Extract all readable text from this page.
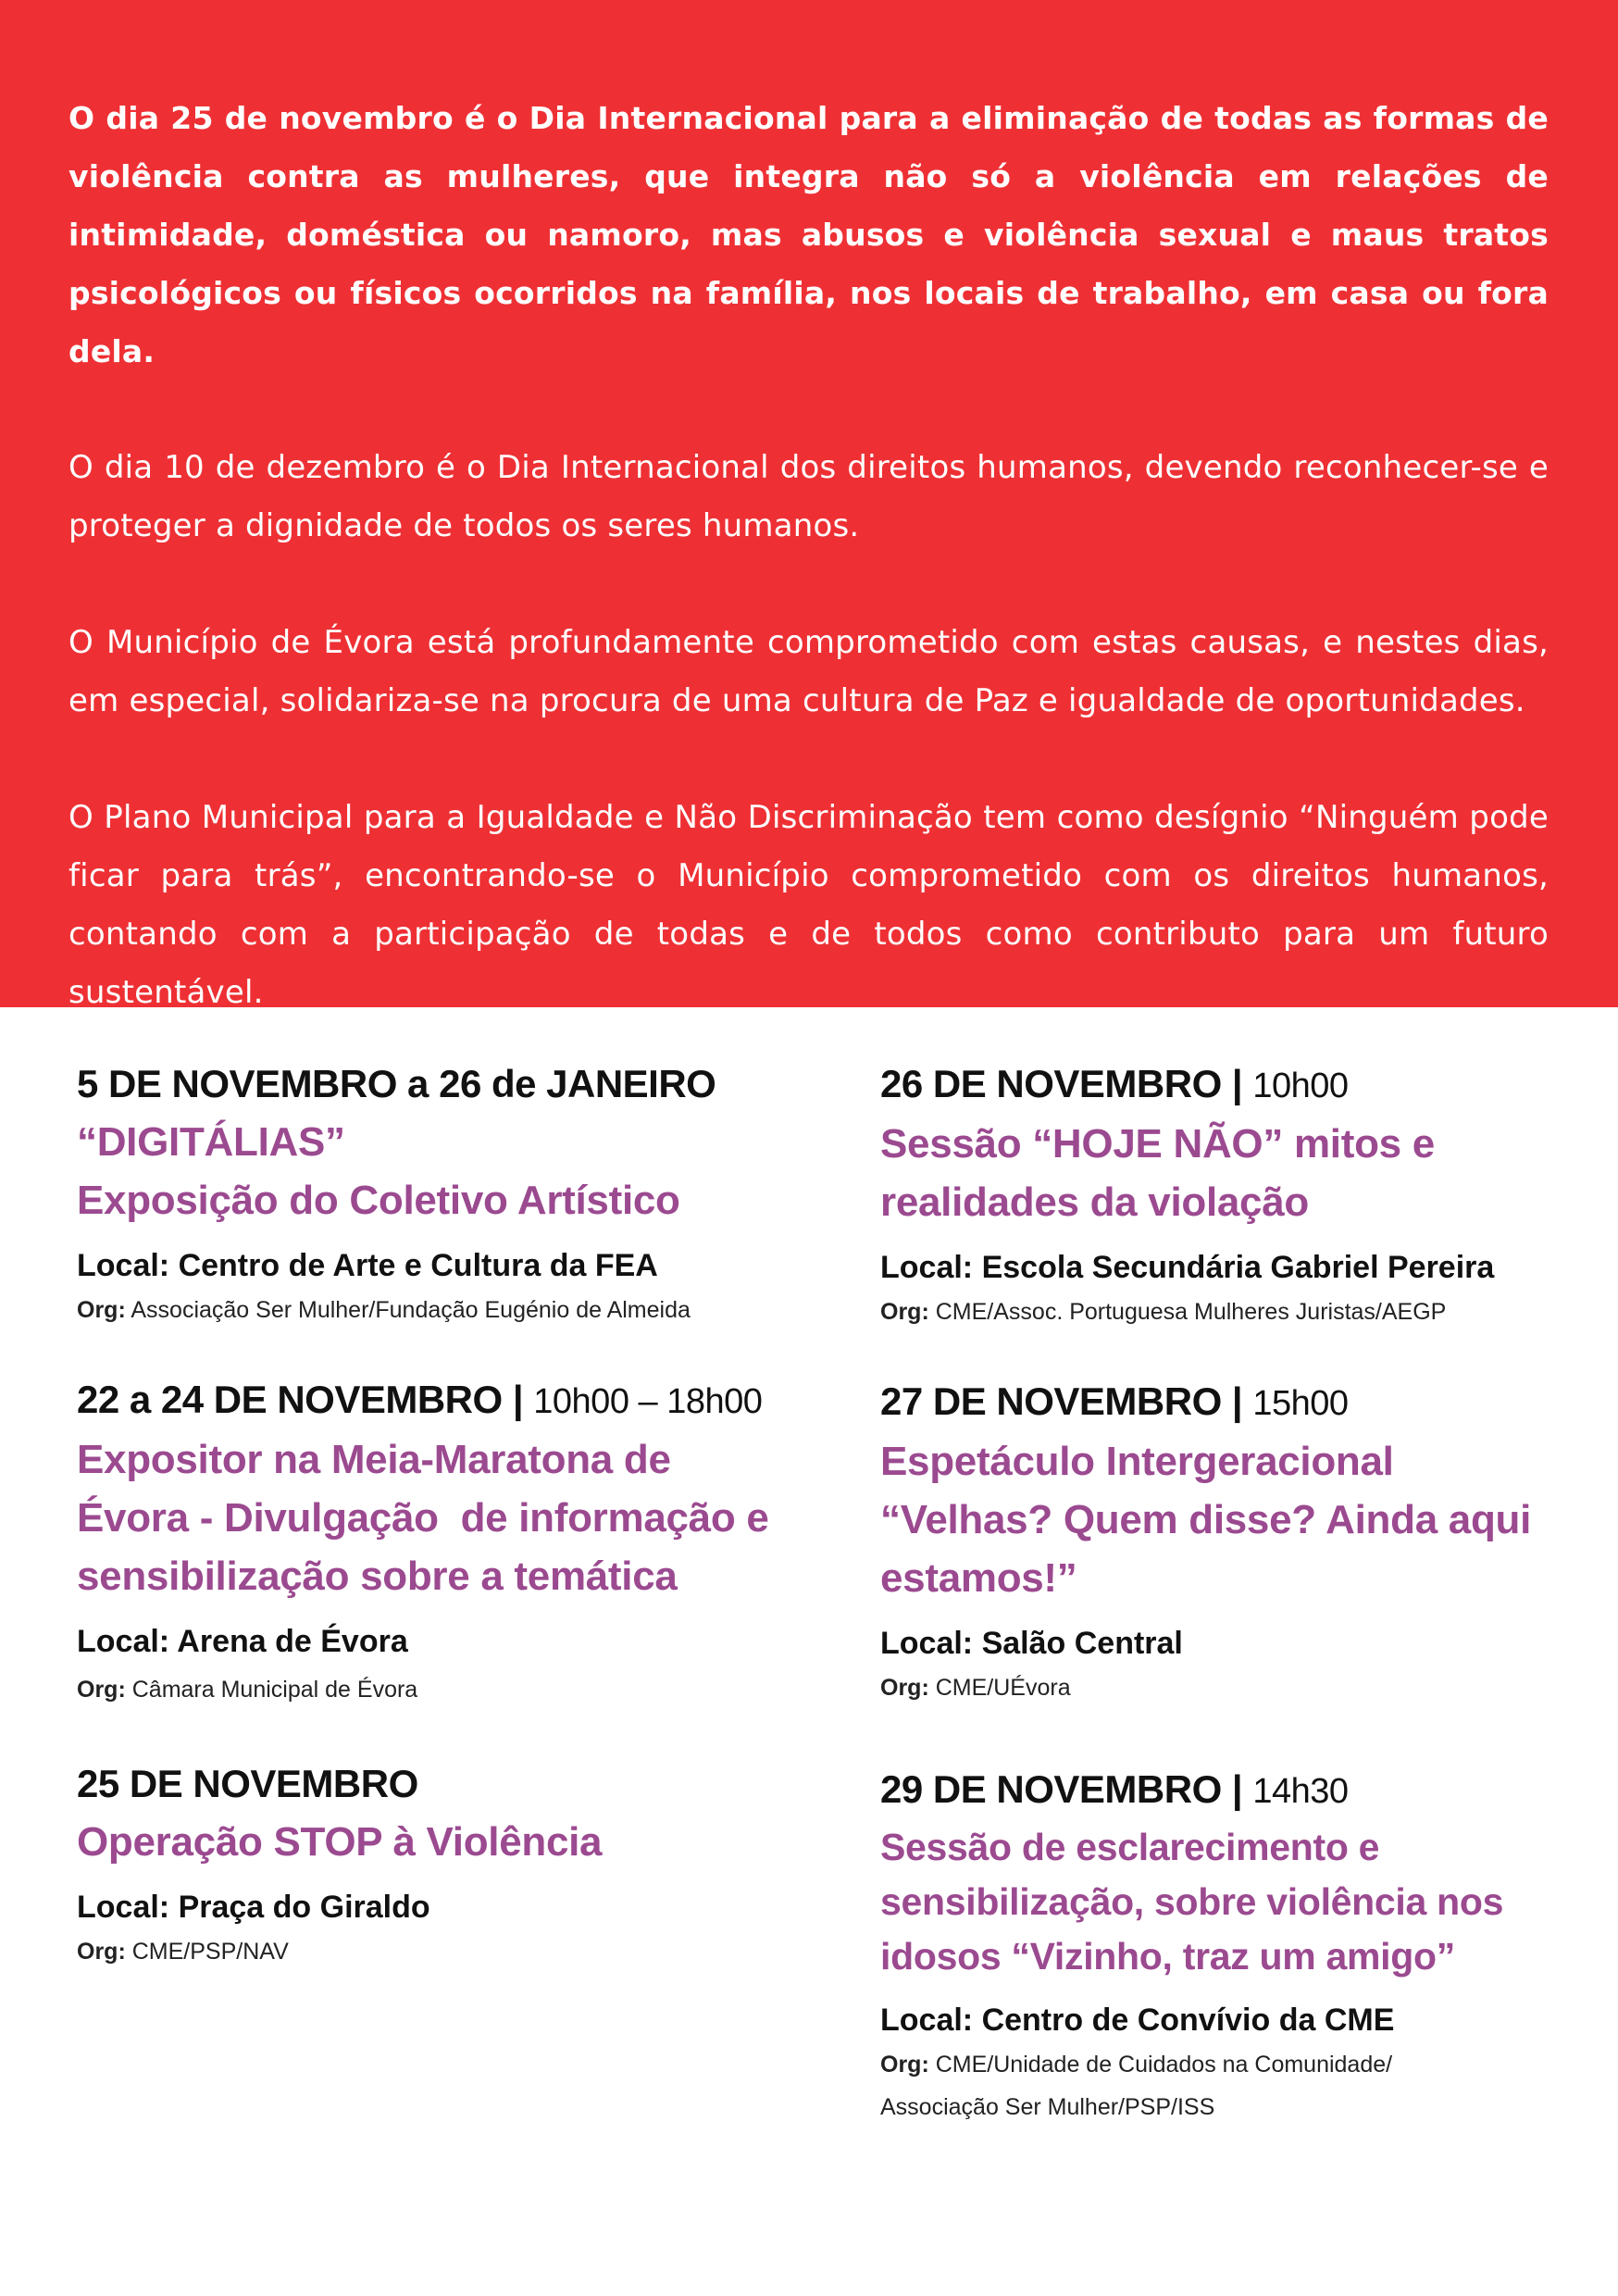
O dia 25 de novembro é o Dia Internacional para a eliminação de todas as formas de violência contra as mulheres, que integra não só a violência em relações de intimidade, doméstica ou namoro, mas abusos e violência sexual e maus tratos psicológicos ou físicos ocorridos na família, nos locais de trabalho, em casa ou fora dela.

O dia 10 de dezembro é o Dia Internacional dos direitos humanos, devendo reconhecer-se e proteger a dignidade de todos os seres humanos.

O Município de Évora está profundamente comprometido com estas causas, e nestes dias, em especial, solidariza-se na procura de uma cultura de Paz e igualdade de oportunidades.

O Plano Municipal para a Igualdade e Não Discriminação tem como desígnio “Ninguém pode ficar para trás”, encontrando-se o Município comprometido com os direitos humanos, contando com a participação de todas e de todos como contributo para um futuro sustentável.

5 DE NOVEMBRO a 26 de JANEIRO
“DIGITÁLIAS”
Exposição do Coletivo Artístico
Local: Centro de Arte e Cultura da FEA
Org: Associação Ser Mulher/Fundação Eugénio de Almeida
22 a 24 DE NOVEMBRO | 10h00 – 18h00
Expositor na Meia-Maratona de
Évora - Divulgação  de informação e
sensibilização sobre a temática
Local: Arena de Évora
Org: Câmara Municipal de Évora
25 DE NOVEMBRO
Operação STOP à Violência
Local: Praça do Giraldo
Org: CME/PSP/NAV
26 DE NOVEMBRO | 10h00
Sessão “HOJE NÃO” mitos e
realidades da violação
Local: Escola Secundária Gabriel Pereira
Org: CME/Assoc. Portuguesa Mulheres Juristas/AEGP
27 DE NOVEMBRO | 15h00
Espetáculo Intergeracional
“Velhas? Quem disse? Ainda aqui
estamos!”
Local: Salão Central
Org: CME/UÉvora
29 DE NOVEMBRO | 14h30
Sessão de esclarecimento e
sensibilização, sobre violência nos
idosos “Vizinho, traz um amigo”
Local: Centro de Convívio da CME
Org: CME/Unidade de Cuidados na Comunidade/
Associação Ser Mulher/PSP/ISS
